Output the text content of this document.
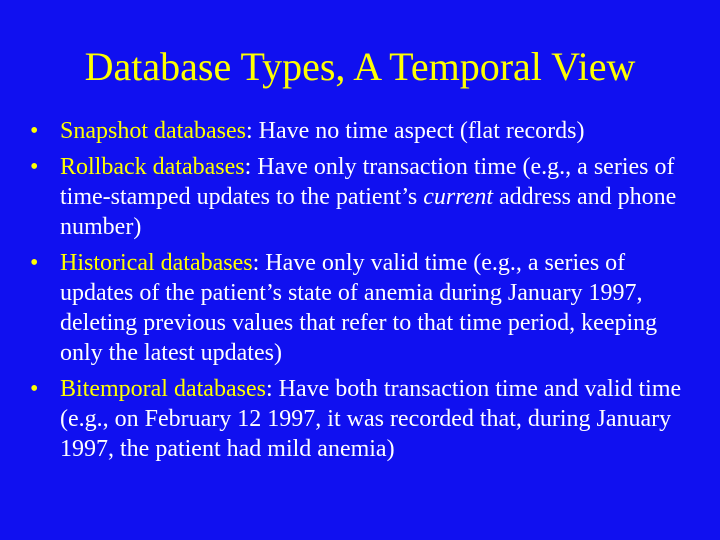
Database Types, A Temporal View
• Snapshot databases: Have no time aspect (flat records)
• Rollback databases: Have only transaction time (e.g., a series of time-stamped updates to the patient’s current address and phone number)
• Historical databases: Have only valid time (e.g., a series of updates of the patient’s state of anemia during January 1997, deleting previous values that refer to that time period, keeping only the latest updates)
• Bitemporal databases: Have both transaction time and valid time (e.g., on February 12 1997, it was recorded that, during January 1997, the patient had mild anemia)
